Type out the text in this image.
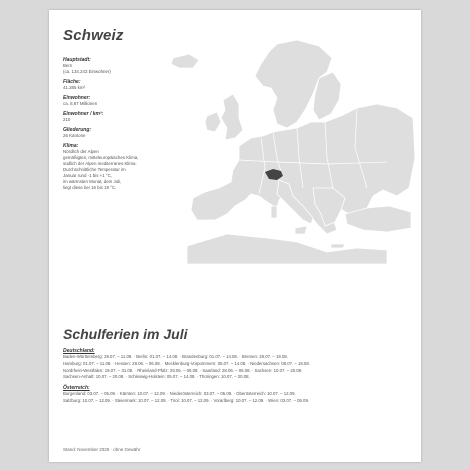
Schweiz
Hauptstadt:
Bern
(ca. 134.243 Einwohner)
Fläche:
41.285 km²
Einwohner:
ca. 8,67 Millionen
Einwohner / km²:
210
Gliederung:
26 Kantone
Klima:
Nördlich der Alpen
gemäßigtes, mitteleuropäisches Klima,
südlich der Alpen mediterranes Klima.
Durchschnittliche Temperatur im
Januar rund -1 bis +1 °C,
im wärmsten Monat, dem Juli,
liegt diese bei 16 bis 19 °C.
Schulferien im Juli
Deutschland:
Baden-Württemberg: 29.07. – 11.09. · Berlin: 01.07. – 14.08. · Brandenburg: 01.07. – 14.08. · Bremen: 28.07. – 19.08.
Hamburg: 01.07. – 11.08. · Hessen: 28.06. – 06.08. · Mecklenburg-Vorpommern: 05.07. – 14.08. · Niedersachsen: 08.07. – 18.08.
Nordrhein-Westfalen: 19.07. – 31.08. · Rheinland-Pfalz: 28.06. – 06.08. · Saarland: 28.06. – 06.08. · Sachsen: 10.07. – 20.08.
Sachsen-Anhalt: 10.07. – 20.08. · Schleswig-Holstein: 05.07. – 14.08. · Thüringen: 10.07. – 20.08.
Österreich:
Burgenland: 03.07. – 05.09. · Kärnten: 10.07. – 12.09. · Niederösterreich: 03.07. – 05.09. · Oberösterreich: 10.07. – 12.09.
Salzburg: 10.07. – 12.09. · Steiermark: 10.07. – 12.09. · Tirol: 10.07. – 12.09. · Vorarlberg: 10.07. – 12.09. · Wien: 03.07. – 05.09.
Stand: November 2025 · ohne Gewähr
